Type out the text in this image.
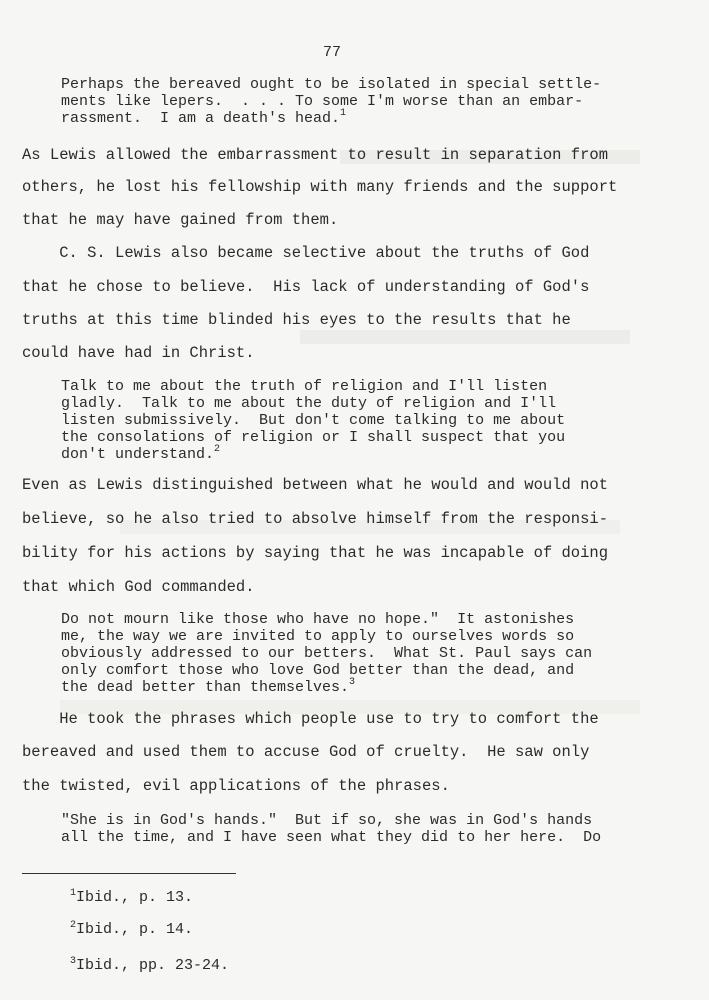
77
Perhaps the bereaved ought to be isolated in special settle-
ments like lepers.  . . . To some I'm worse than an embar-
rassment.  I am a death's head.$^1$
As Lewis allowed the embarrassment to result in separation from
others, he lost his fellowship with many friends and the support
that he may have gained from them.
C. S. Lewis also became selective about the truths of God
that he chose to believe.  His lack of understanding of God's
truths at this time blinded his eyes to the results that he
could have had in Christ.
Talk to me about the truth of religion and I'll listen
gladly.  Talk to me about the duty of religion and I'll
listen submissively.  But don't come talking to me about
the consolations of religion or I shall suspect that you
don't understand.$^2$
Even as Lewis distinguished between what he would and would not
believe, so he also tried to absolve himself from the responsi-
bility for his actions by saying that he was incapable of doing
that which God commanded.
Do not mourn like those who have no hope."  It astonishes
me, the way we are invited to apply to ourselves words so
obviously addressed to our betters.  What St. Paul says can
only comfort those who love God better than the dead, and
the dead better than themselves.$^3$
He took the phrases which people use to try to comfort the
bereaved and used them to accuse God of cruelty.  He saw only
the twisted, evil applications of the phrases.
"She is in God's hands."  But if so, she was in God's hands
all the time, and I have seen what they did to her here.  Do
$^1$Ibid., p. 13.
$^2$Ibid., p. 14.
$^3$Ibid., pp. 23-24.
